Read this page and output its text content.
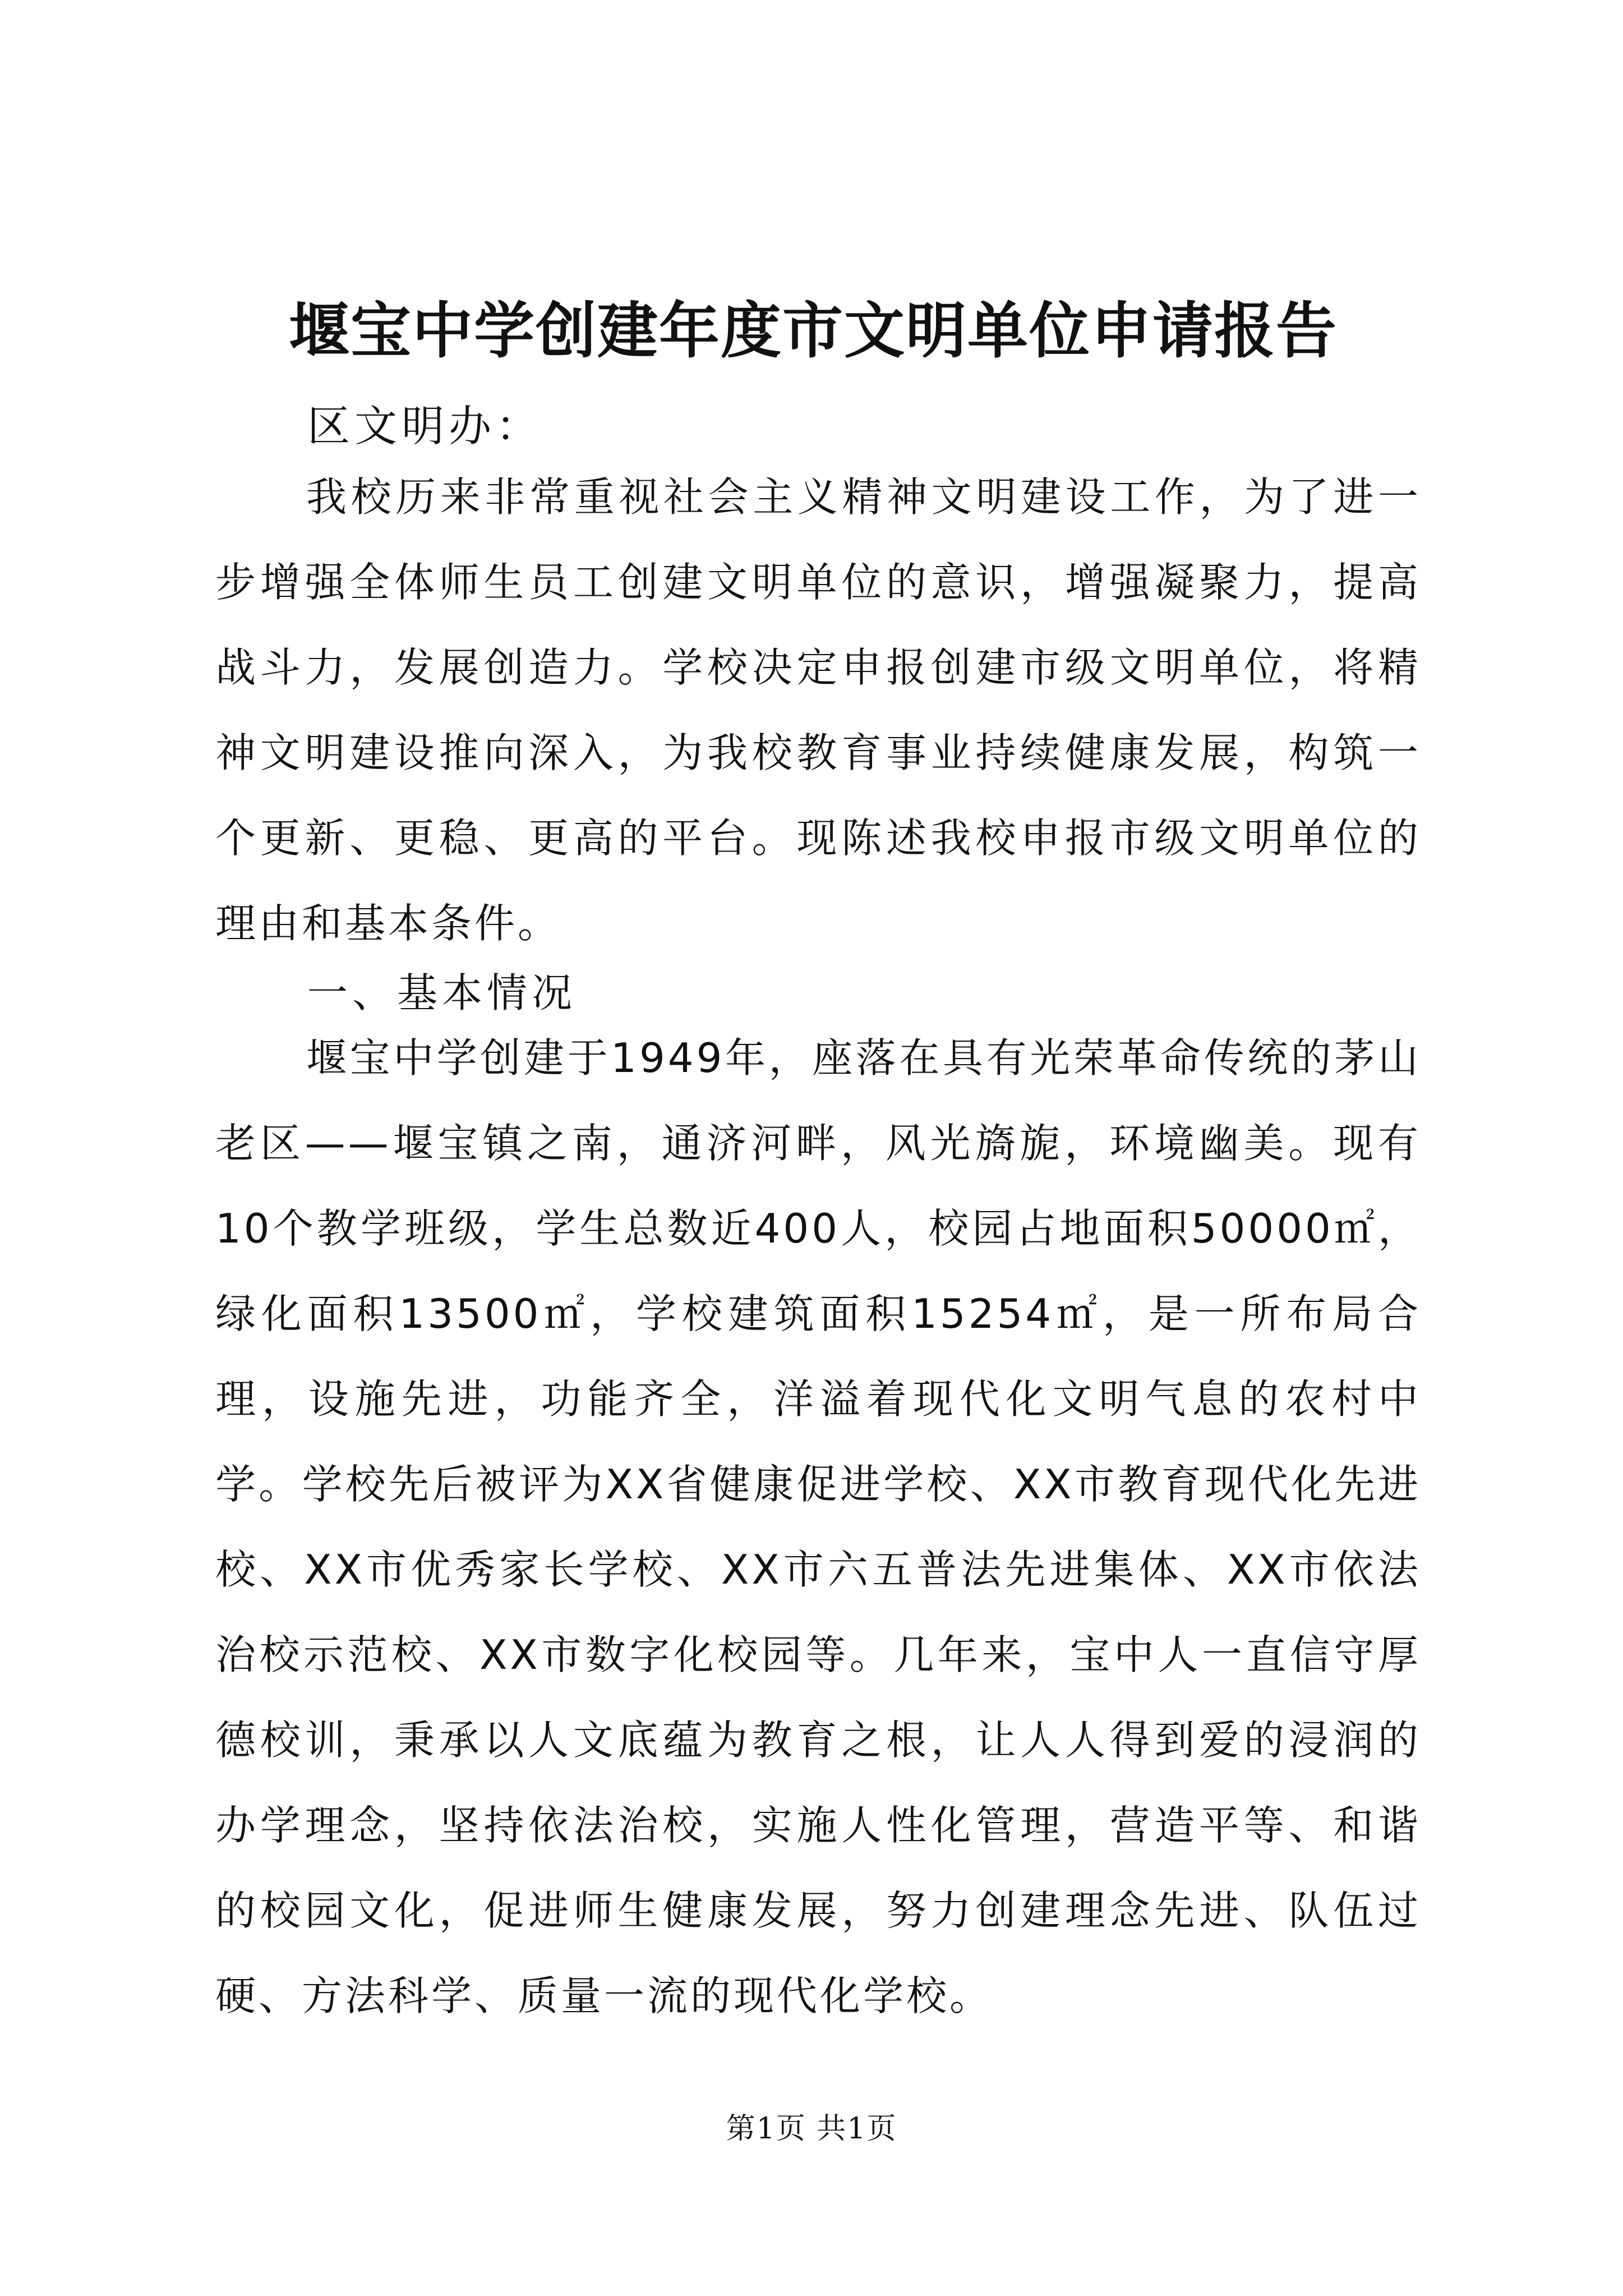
堰宝中学创建年度市文明单位申请报告

区文明办：

我校历来非常重视社会主义精神文明建设工作，为了进一步增强全体师生员工创建文明单位的意识，增强凝聚力，提高战斗力，发展创造力。学校决定申报创建市级文明单位，将精神文明建设推向深入，为我校教育事业持续健康发展，构筑一个更新、更稳、更高的平台。现陈述我校申报市级文明单位的理由和基本条件。

一、基本情况

堰宝中学创建于1949年，座落在具有光荣革命传统的茅山老区——堰宝镇之南，通济河畔，风光旖旎，环境幽美。现有10个教学班级，学生总数近400人，校园占地面积50000㎡，绿化面积13500㎡，学校建筑面积15254㎡，是一所布局合理，设施先进，功能齐全，洋溢着现代化文明气息的农村中学。学校先后被评为XX省健康促进学校、XX市教育现代化先进校、XX市优秀家长学校、XX市六五普法先进集体、XX市依法治校示范校、XX市数字化校园等。几年来，宝中人一直信守厚德校训，秉承以人文底蕴为教育之根，让人人得到爱的浸润的办学理念，坚持依法治校，实施人性化管理，营造平等、和谐的校园文化，促进师生健康发展，努力创建理念先进、队伍过硬、方法科学、质量一流的现代化学校。

第1页 共1页
